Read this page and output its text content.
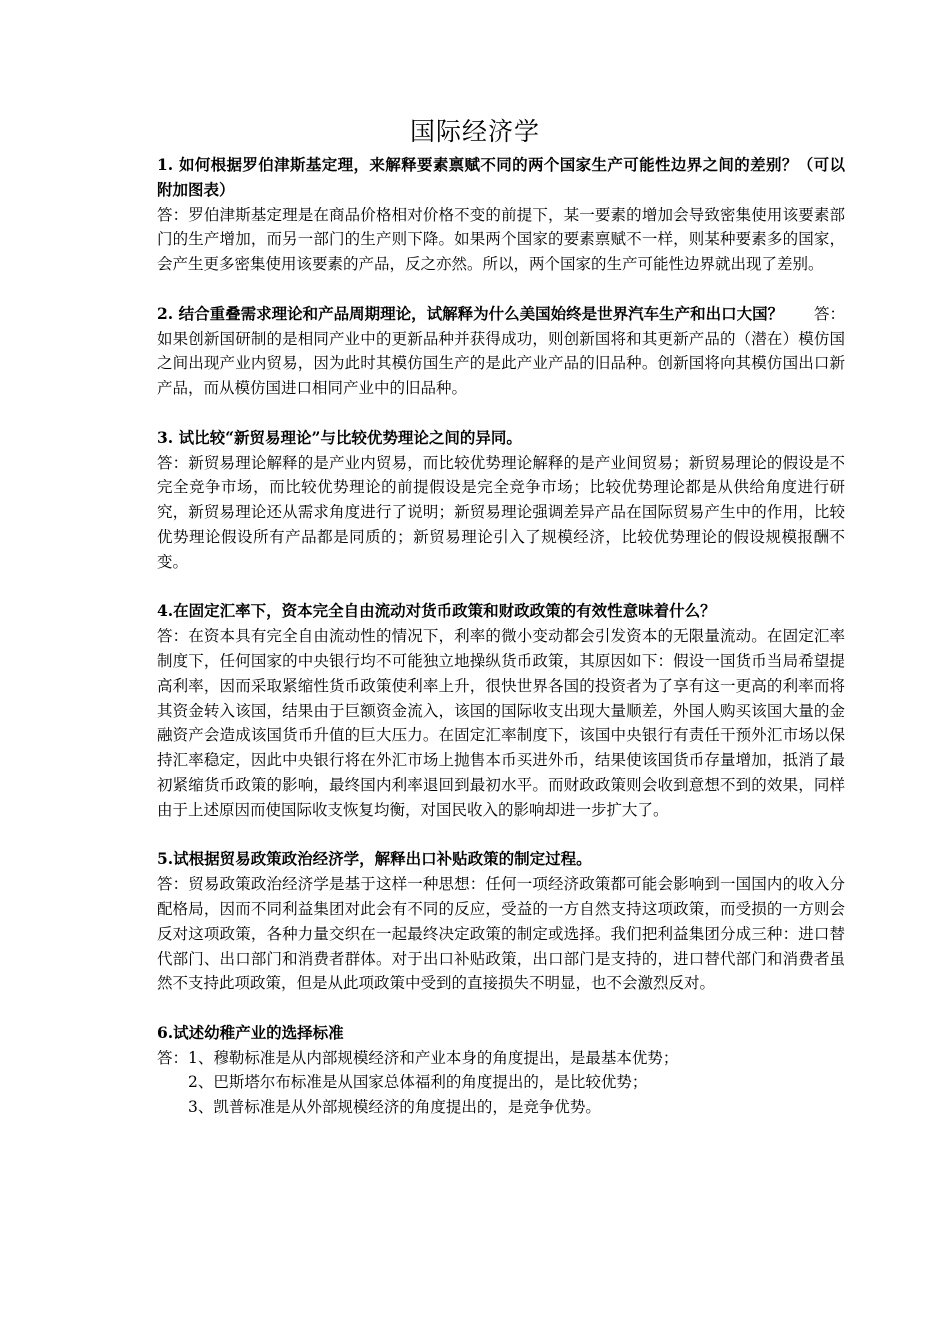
国际经济学

1. 如何根据罗伯津斯基定理，来解释要素禀赋不同的两个国家生产可能性边界之间的差别？（可以附加图表）

答：罗伯津斯基定理是在商品价格相对价格不变的前提下，某一要素的增加会导致密集使用该要素部门的生产增加，而另一部门的生产则下降。如果两个国家的要素禀赋不一样，则某种要素多的国家，会产生更多密集使用该要素的产品，反之亦然。所以，两个国家的生产可能性边界就出现了差别。

2. 结合重叠需求理论和产品周期理论，试解释为什么美国始终是世界汽车生产和出口大国？ 答：

如果创新国研制的是相同产业中的更新品种并获得成功，则创新国将和其更新产品的（潜在）模仿国之间出现产业内贸易，因为此时其模仿国生产的是此产业产品的旧品种。创新国将向其模仿国出口新产品，而从模仿国进口相同产业中的旧品种。

3. 试比较“新贸易理论”与比较优势理论之间的异同。

答：新贸易理论解释的是产业内贸易，而比较优势理论解释的是产业间贸易；新贸易理论的假设是不完全竞争市场，而比较优势理论的前提假设是完全竞争市场；比较优势理论都是从供给角度进行研究，新贸易理论还从需求角度进行了说明；新贸易理论强调差异产品在国际贸易产生中的作用，比较优势理论假设所有产品都是同质的；新贸易理论引入了规模经济，比较优势理论的假设规模报酬不变。

4.在固定汇率下，资本完全自由流动对货币政策和财政政策的有效性意味着什么？

答：在资本具有完全自由流动性的情况下，利率的微小变动都会引发资本的无限量流动。在固定汇率制度下，任何国家的中央银行均不可能独立地操纵货币政策，其原因如下：假设一国货币当局希望提高利率，因而采取紧缩性货币政策使利率上升，很快世界各国的投资者为了享有这一更高的利率而将其资金转入该国，结果由于巨额资金流入，该国的国际收支出现大量顺差，外国人购买该国大量的金融资产会造成该国货币升值的巨大压力。在固定汇率制度下，该国中央银行有责任干预外汇市场以保持汇率稳定，因此中央银行将在外汇市场上抛售本币买进外币，结果使该国货币存量增加，抵消了最初紧缩货币政策的影响，最终国内利率退回到最初水平。而财政政策则会收到意想不到的效果，同样由于上述原因而使国际收支恢复均衡，对国民收入的影响却进一步扩大了。

5.试根据贸易政策政治经济学，解释出口补贴政策的制定过程。

答：贸易政策政治经济学是基于这样一种思想：任何一项经济政策都可能会影响到一国国内的收入分配格局，因而不同利益集团对此会有不同的反应，受益的一方自然支持这项政策，而受损的一方则会反对这项政策，各种力量交织在一起最终决定政策的制定或选择。我们把利益集团分成三种：进口替代部门、出口部门和消费者群体。对于出口补贴政策，出口部门是支持的，进口替代部门和消费者虽然不支持此项政策，但是从此项政策中受到的直接损失不明显，也不会激烈反对。

6.试述幼稚产业的选择标准

答：1、穆勒标准是从内部规模经济和产业本身的角度提出，是最基本优势；

2、巴斯塔尔布标准是从国家总体福利的角度提出的，是比较优势；

3、凯普标准是从外部规模经济的角度提出的，是竞争优势。
